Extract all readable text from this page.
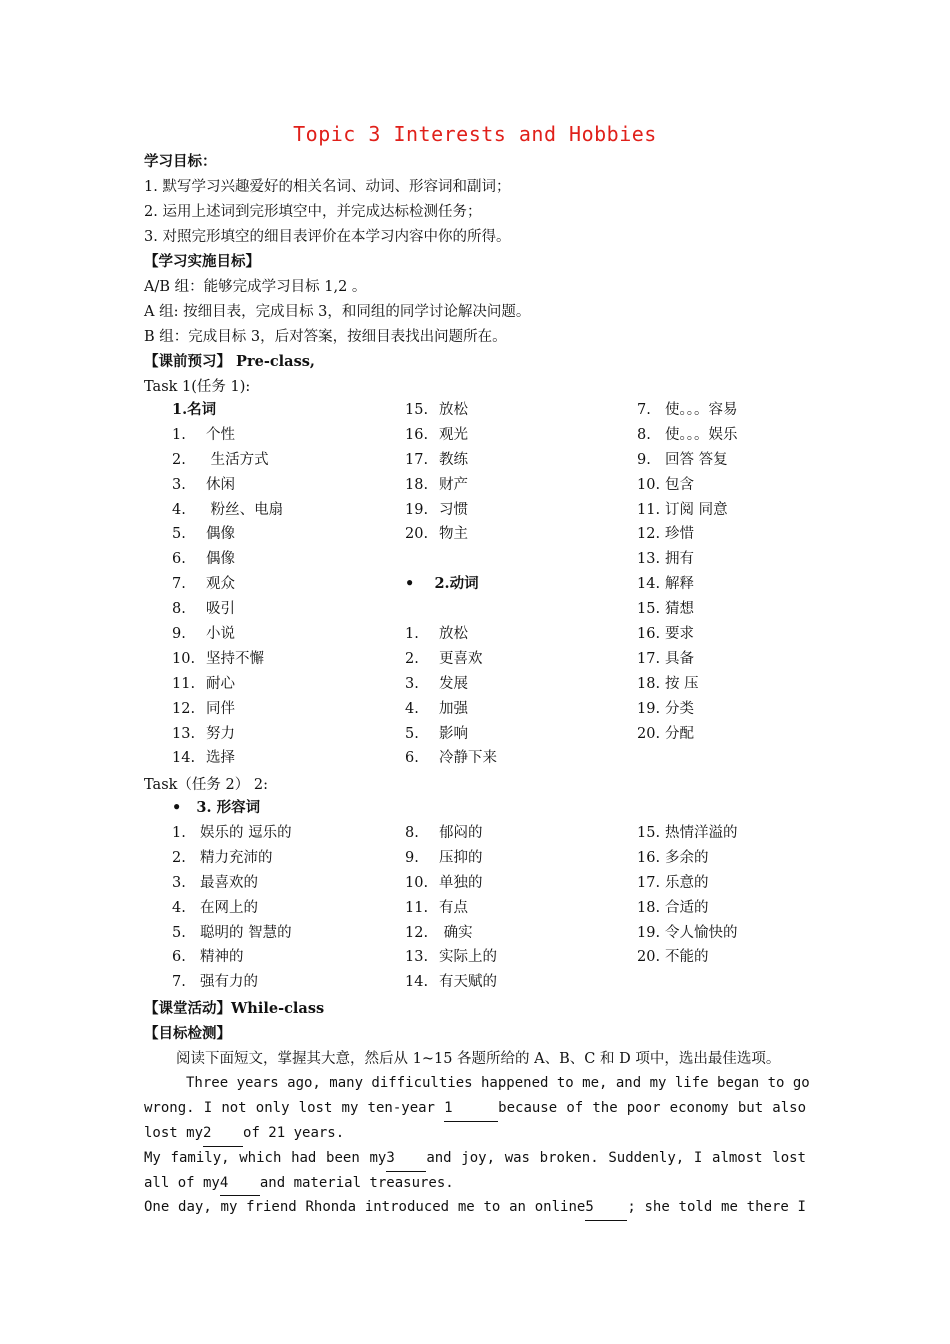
Topic 3 Interests and Hobbies
学习目标：
1. 默写学习兴趣爱好的相关名词、动词、形容词和副词；
2. 运用上述词到完形填空中，并完成达标检测任务；
3. 对照完形填空的细目表评价在本学习内容中你的所得。
【学习实施目标】
A/B 组：能够完成学习目标 1,2 。
A 组: 按细目表，完成目标 3，和同组的同学讨论解决问题。
B 组：完成目标 3，后对答案，按细目表找出问题所在。
【课前预习】 Pre-class,
Task 1(任务 1):
1.名词
1. 个性
2. 生活方式
3. 休闲
4. 粉丝、电扇
5. 偶像
6. 偶像
7. 观众
8. 吸引
9. 小说
10. 坚持不懈
11. 耐心
12. 同伴
13. 努力
14. 选择
15. 放松
16. 观光
17. 教练
18. 财产
19. 习惯
20. 物主
•    2.动词
1. 放松
2. 更喜欢
3. 发展
4. 加强
5. 影响
6. 冷静下来
7. 使。。。容易
8. 使。。。娱乐
9. 回答 答复
10. 包含
11. 订阅 同意
12. 珍惜
13. 拥有
14. 解释
15. 猜想
16. 要求
17. 具备
18. 按 压
19. 分类
20. 分配
Task（任务 2） 2:
•   3. 形容词
1. 娱乐的 逗乐的
2. 精力充沛的
3. 最喜欢的
4. 在网上的
5. 聪明的 智慧的
6. 精神的
7. 强有力的
8. 郁闷的
9. 压抑的
10. 单独的
11. 有点
12. 确实
13. 实际上的
14. 有天赋的
15. 热情洋溢的
16. 多余的
17. 乐意的
18. 合适的
19. 令人愉快的
20. 不能的
【课堂活动】While-class
【目标检测】
阅读下面短文，掌握其大意，然后从 1~15 各题所给的 A、B、C 和 D 项中，选出最佳选项。
Three years ago, many difficulties happened to me, and my life began to go
wrong. I not only lost my ten-year 1	because of the poor economy but also
lost my2 of 21 years.
My family, which had been my3 and joy, was broken. Suddenly, I almost lost
all of my4 and material treasures.
One day, my friend Rhonda introduced me to an online5 ; she told me there I
